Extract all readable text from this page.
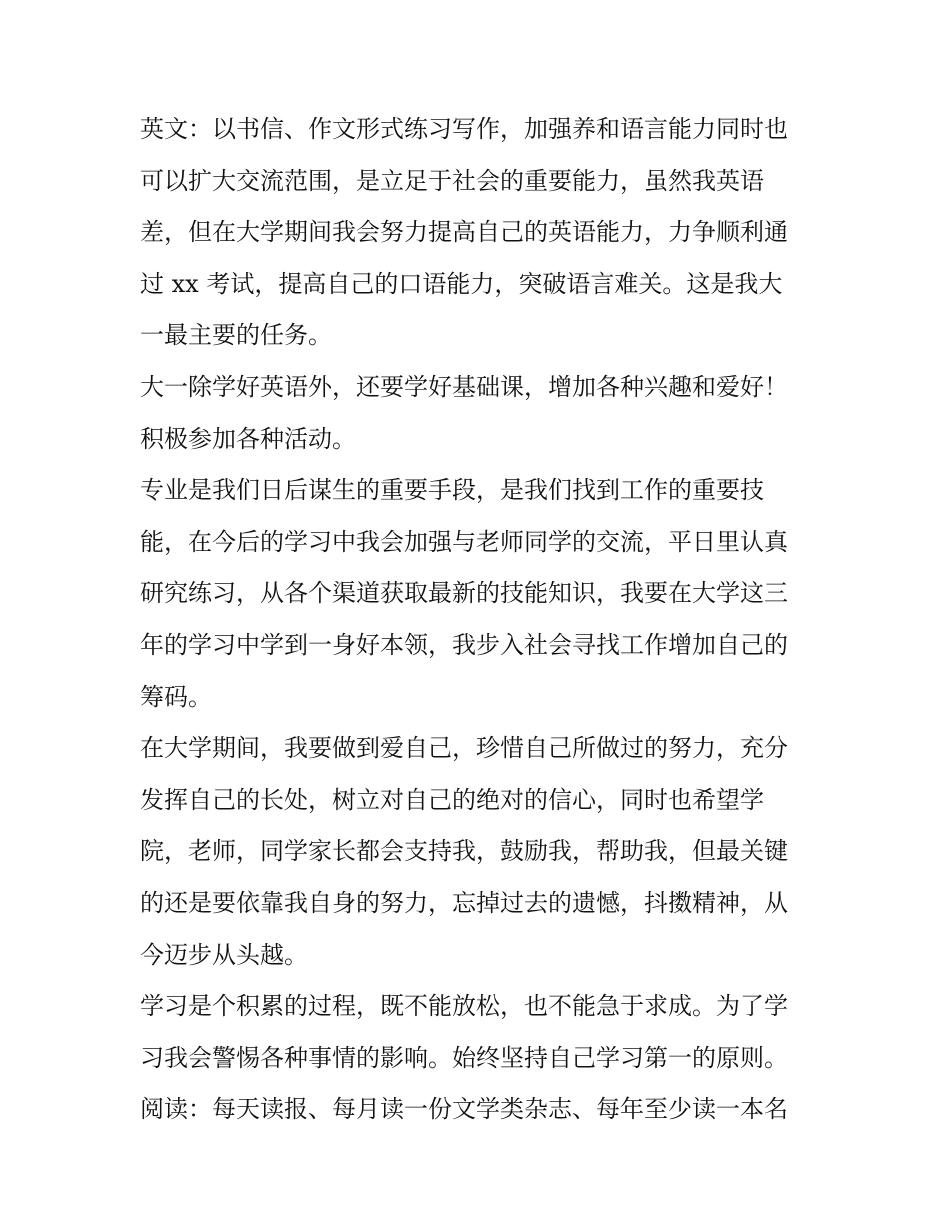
英文：以书信、作文形式练习写作，加强养和语言能力同时也
可以扩大交流范围，是立足于社会的重要能力，虽然我英语
差，但在大学期间我会努力提高自己的英语能力，力争顺利通
过 xx 考试，提高自己的口语能力，突破语言难关。这是我大
一最主要的任务。

大一除学好英语外，还要学好基础课，增加各种兴趣和爱好！
积极参加各种活动。

专业是我们日后谋生的重要手段，是我们找到工作的重要技
能，在今后的学习中我会加强与老师同学的交流，平日里认真
研究练习，从各个渠道获取最新的技能知识，我要在大学这三
年的学习中学到一身好本领，我步入社会寻找工作增加自己的
筹码。

在大学期间，我要做到爱自己，珍惜自己所做过的努力，充分
发挥自己的长处，树立对自己的绝对的信心，同时也希望学
院，老师，同学家长都会支持我，鼓励我，帮助我，但最关键
的还是要依靠我自身的努力，忘掉过去的遗憾，抖擞精神，从
今迈步从头越。

学习是个积累的过程，既不能放松，也不能急于求成。为了学
习我会警惕各种事情的影响。始终坚持自己学习第一的原则。

阅读：每天读报、每月读一份文学类杂志、每年至少读一本名
